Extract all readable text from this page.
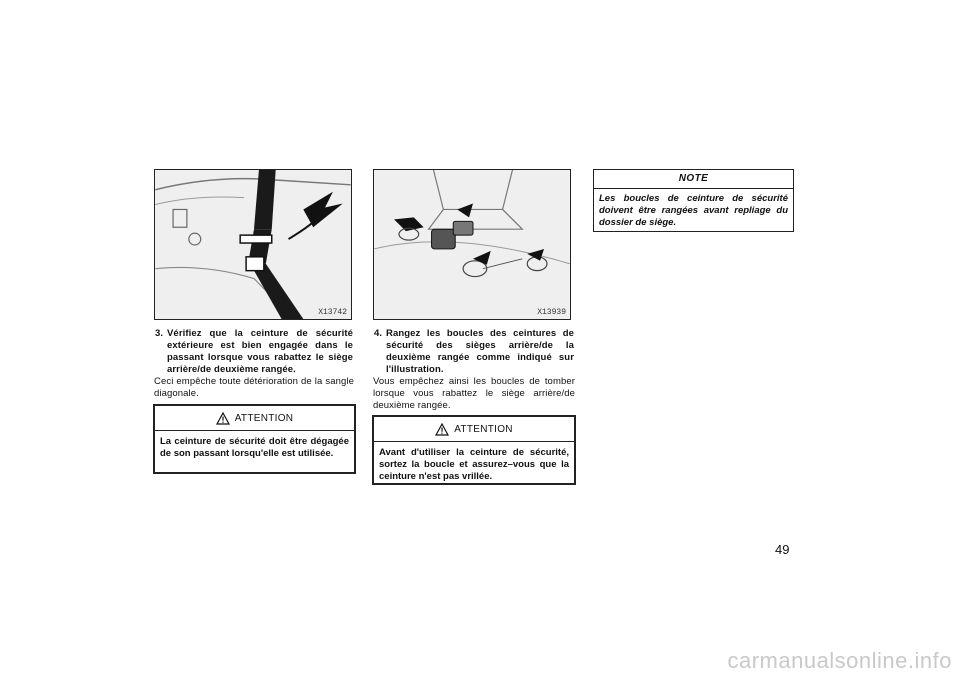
X13742	X13939
3. Vérifiez que la ceinture de sécurité extérieure est bien engagée dans le passant lorsque vous rabattez le siège arrière/de deuxième rangée.
Ceci empêche toute détérioration de la sangle diagonale.
ATTENTION
La ceinture de sécurité doit être dégagée de son passant lorsqu'elle est utilisée.
4. Rangez les boucles des ceintures de sécurité des sièges arrière/de la deuxième rangée comme indiqué sur l'illustration.
Vous empêchez ainsi les boucles de tomber lorsque vous rabattez le siège arrière/de deuxième rangée.
ATTENTION
Avant d'utiliser la ceinture de sécurité, sortez la boucle et assurez–vous que la ceinture n'est pas vrillée.
NOTE
Les boucles de ceinture de sécurité doivent être rangées avant repliage du dossier de siège.
49
carmanualsonline.info
